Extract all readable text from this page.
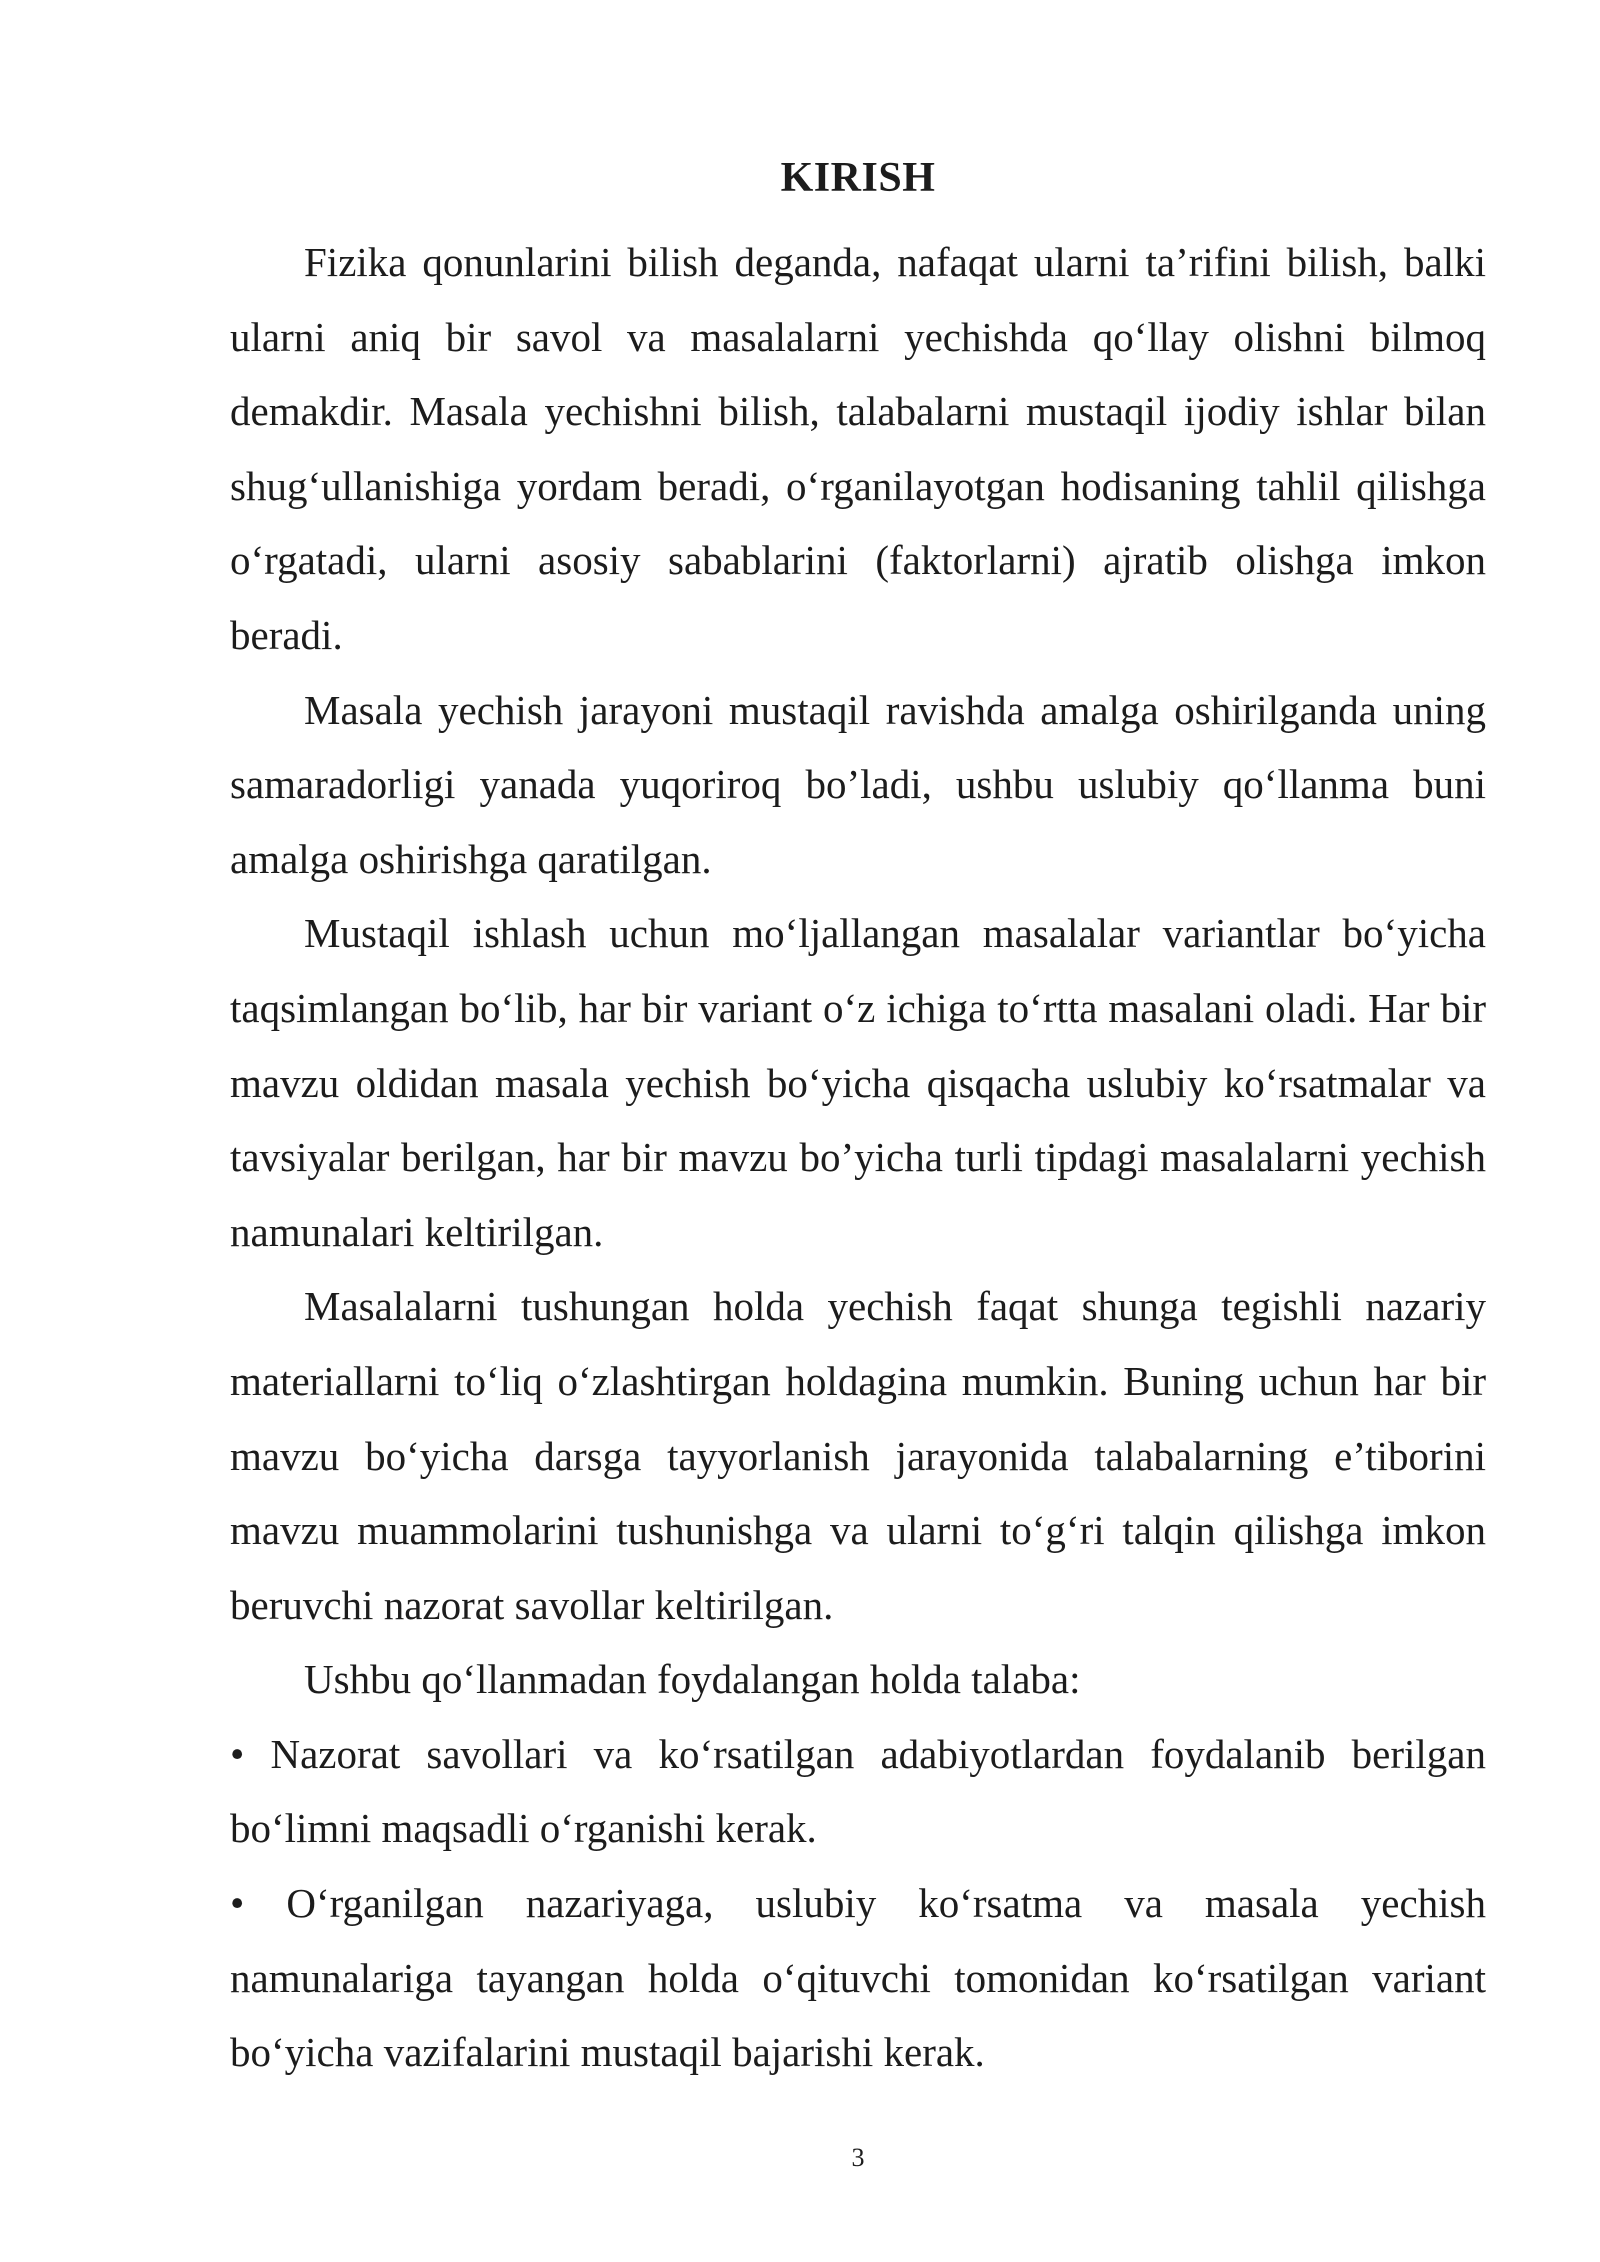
KIRISH

Fizika qonunlarini bilish deganda, nafaqat ularni ta’rifini bilish, balki ularni aniq bir savol va masalalarni yechishda qo‘llay olishni bilmoq demakdir. Masala yechishni bilish, talabalarni mustaqil ijodiy ishlar bilan shug‘ullanishiga yordam beradi, o‘rganilayotgan hodisaning tahlil qilishga o‘rgatadi, ularni asosiy sabablarini (faktorlarni) ajratib olishga imkon beradi.

Masala yechish jarayoni mustaqil ravishda amalga oshirilganda uning samaradorligi yanada yuqoriroq bo’ladi, ushbu uslubiy qo‘llanma buni amalga oshirishga qaratilgan.

Mustaqil ishlash uchun mo‘ljallangan masalalar variantlar bo‘yicha taqsimlangan bo‘lib, har bir variant o‘z ichiga to‘rtta masalani oladi. Har bir mavzu oldidan masala yechish bo‘yicha qisqacha uslubiy ko‘rsatmalar va tavsiyalar berilgan, har bir mavzu bo’yicha turli tipdagi masalalarni yechish namunalari keltirilgan.

Masalalarni tushungan holda yechish faqat shunga tegishli nazariy materiallarni to‘liq o‘zlashtirgan holdagina mumkin. Buning uchun har bir mavzu bo‘yicha darsga tayyorlanish jarayonida talabalarning e’tiborini mavzu muammolarini tushunishga va ularni to‘g‘ri talqin qilishga imkon beruvchi nazorat savollar keltirilgan.

Ushbu qo‘llanmadan foydalangan holda talaba:

• Nazorat savollari va ko‘rsatilgan adabiyotlardan foydalanib berilgan bo‘limni maqsadli o‘rganishi kerak.

• O‘rganilgan nazariyaga, uslubiy ko‘rsatma va masala yechish namunalariga tayangan holda o‘qituvchi tomonidan ko‘rsatilgan variant bo‘yicha vazifalarini mustaqil bajarishi kerak.

3
